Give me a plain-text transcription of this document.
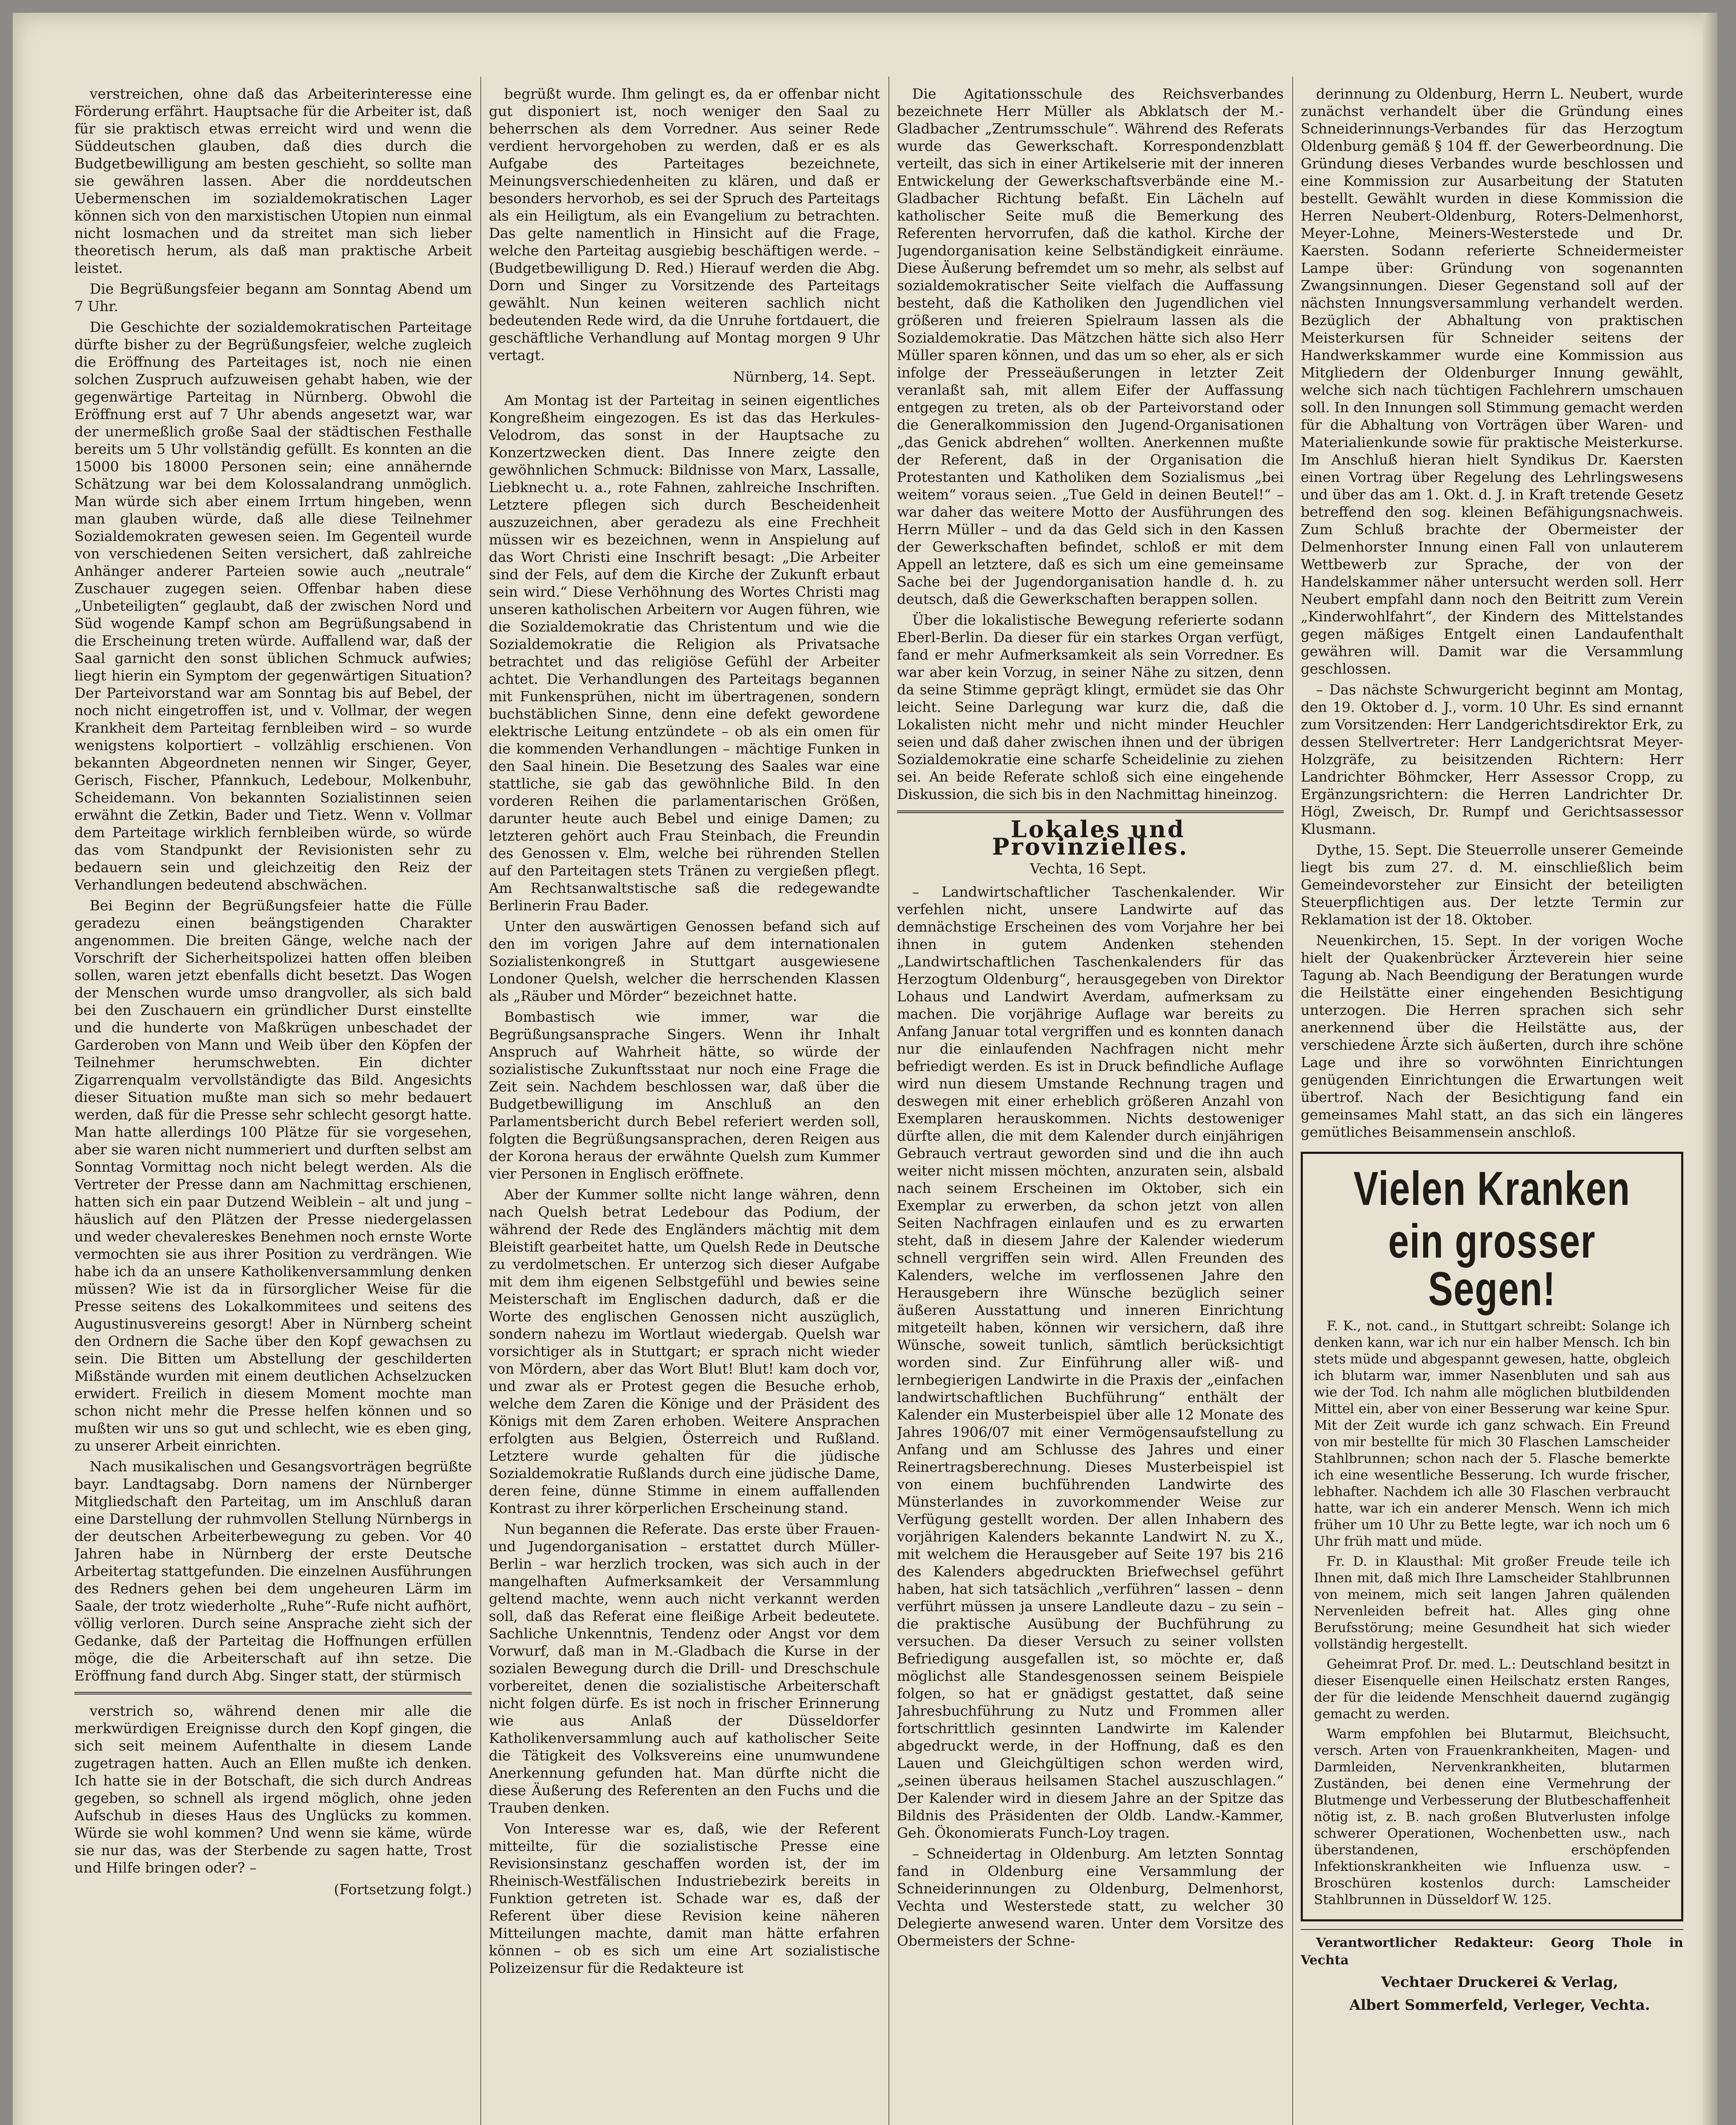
verstreichen, ohne daß das Arbeiterinteresse eine Förderung erfährt. Hauptsache für die Arbeiter ist, daß für sie praktisch etwas erreicht wird und wenn die Süddeutschen glauben, daß dies durch die Budgetbewilligung am besten geschieht, so sollte man sie gewähren lassen. Aber die norddeutschen Uebermenschen im sozialdemokratischen Lager können sich von den marxistischen Utopien nun einmal nicht losmachen und da streitet man sich lieber theoretisch herum, als daß man praktische Arbeit leistet.

Die Begrüßungsfeier begann am Sonntag Abend um 7 Uhr.

Die Geschichte der sozialdemokratischen Parteitage dürfte bisher zu der Begrüßungsfeier, welche zugleich die Eröffnung des Parteitages ist, noch nie einen solchen Zuspruch aufzuweisen gehabt haben, wie der gegenwärtige Parteitag in Nürnberg. Obwohl die Eröffnung erst auf 7 Uhr abends angesetzt war, war der unermeßlich große Saal der städtischen Festhalle bereits um 5 Uhr vollständig gefüllt. Es konnten an die 15000 bis 18000 Personen sein; eine annähernde Schätzung war bei dem Kolossalandrang unmöglich. Man würde sich aber einem Irrtum hingeben, wenn man glauben würde, daß alle diese Teilnehmer Sozialdemokraten gewesen seien. Im Gegenteil wurde von verschiedenen Seiten versichert, daß zahlreiche Anhänger anderer Parteien sowie auch „neutrale“ Zuschauer zugegen seien. Offenbar haben diese „Unbeteiligten“ geglaubt, daß der zwischen Nord und Süd wogende Kampf schon am Begrüßungsabend in die Erscheinung treten würde. Auffallend war, daß der Saal garnicht den sonst üblichen Schmuck aufwies; liegt hierin ein Symptom der gegenwärtigen Situation? Der Parteivorstand war am Sonntag bis auf Bebel, der noch nicht eingetroffen ist, und v. Vollmar, der wegen Krankheit dem Parteitag fernbleiben wird – so wurde wenigstens kolportiert – vollzählig erschienen. Von bekannten Abgeordneten nennen wir Singer, Geyer, Gerisch, Fischer, Pfannkuch, Ledebour, Molkenbuhr, Scheidemann. Von bekannten Sozialistinnen seien erwähnt die Zetkin, Bader und Tietz. Wenn v. Vollmar dem Parteitage wirklich fernbleiben würde, so würde das vom Standpunkt der Revisionisten sehr zu bedauern sein und gleichzeitig den Reiz der Verhandlungen bedeutend abschwächen.

Bei Beginn der Begrüßungsfeier hatte die Fülle geradezu einen beängstigenden Charakter angenommen. Die breiten Gänge, welche nach der Vorschrift der Sicherheitspolizei hatten offen bleiben sollen, waren jetzt ebenfalls dicht besetzt. Das Wogen der Menschen wurde umso drangvoller, als sich bald bei den Zuschauern ein gründlicher Durst einstellte und die hunderte von Maßkrügen unbeschadet der Garderoben von Mann und Weib über den Köpfen der Teilnehmer herumschwebten. Ein dichter Zigarrenqualm vervollständigte das Bild. Angesichts dieser Situation mußte man sich so mehr bedauert werden, daß für die Presse sehr schlecht gesorgt hatte. Man hatte allerdings 100 Plätze für sie vorgesehen, aber sie waren nicht nummeriert und durften selbst am Sonntag Vormittag noch nicht belegt werden. Als die Vertreter der Presse dann am Nachmittag erschienen, hatten sich ein paar Dutzend Weiblein – alt und jung – häuslich auf den Plätzen der Presse niedergelassen und weder chevalereskes Benehmen noch ernste Worte vermochten sie aus ihrer Position zu verdrängen. Wie habe ich da an unsere Katholikenversammlung denken müssen? Wie ist da in fürsorglicher Weise für die Presse seitens des Lokalkommitees und seitens des Augustinusvereins gesorgt! Aber in Nürnberg scheint den Ordnern die Sache über den Kopf gewachsen zu sein. Die Bitten um Abstellung der geschilderten Mißstände wurden mit einem deutlichen Achselzucken erwidert. Freilich in diesem Moment mochte man schon nicht mehr die Presse helfen können und so mußten wir uns so gut und schlecht, wie es eben ging, zu unserer Arbeit einrichten.

Nach musikalischen und Gesangsvorträgen begrüßte bayr. Landtagsabg. Dorn namens der Nürnberger Mitgliedschaft den Parteitag, um im Anschluß daran eine Darstellung der ruhmvollen Stellung Nürnbergs in der deutschen Arbeiterbewegung zu geben. Vor 40 Jahren habe in Nürnberg der erste Deutsche Arbeitertag stattgefunden. Die einzelnen Ausführungen des Redners gehen bei dem ungeheuren Lärm im Saale, der trotz wiederholte „Ruhe“-Rufe nicht aufhört, völlig verloren. Durch seine Ansprache zieht sich der Gedanke, daß der Parteitag die Hoffnungen erfüllen möge, die die Arbeiterschaft auf ihn setze. Die Eröffnung fand durch Abg. Singer statt, der stürmisch

verstrich so, während denen mir alle die merkwürdigen Ereignisse durch den Kopf gingen, die sich seit meinem Aufenthalte in diesem Lande zugetragen hatten. Auch an Ellen mußte ich denken. Ich hatte sie in der Botschaft, die sich durch Andreas gegeben, so schnell als irgend möglich, ohne jeden Aufschub in dieses Haus des Unglücks zu kommen. Würde sie wohl kommen? Und wenn sie käme, würde sie nur das, was der Sterbende zu sagen hatte, Trost und Hilfe bringen oder? –

(Fortsetzung folgt.)

begrüßt wurde. Ihm gelingt es, da er offenbar nicht gut disponiert ist, noch weniger den Saal zu beherrschen als dem Vorredner. Aus seiner Rede verdient hervorgehoben zu werden, daß er es als Aufgabe des Parteitages bezeichnete, Meinungsverschiedenheiten zu klären, und daß er besonders hervorhob, es sei der Spruch des Parteitags als ein Heiligtum, als ein Evangelium zu betrachten. Das gelte namentlich in Hinsicht auf die Frage, welche den Parteitag ausgiebig beschäftigen werde. – (Budgetbewilligung D. Red.) Hierauf werden die Abg. Dorn und Singer zu Vorsitzende des Parteitags gewählt. Nun keinen weiteren sachlich nicht bedeutenden Rede wird, da die Unruhe fortdauert, die geschäftliche Verhandlung auf Montag morgen 9 Uhr vertagt.

Nürnberg, 14. Sept.

Am Montag ist der Parteitag in seinen eigentliches Kongreßheim eingezogen. Es ist das das Herkules-Velodrom, das sonst in der Hauptsache zu Konzertzwecken dient. Das Innere zeigte den gewöhnlichen Schmuck: Bildnisse von Marx, Lassalle, Liebknecht u. a., rote Fahnen, zahlreiche Inschriften. Letztere pflegen sich durch Bescheidenheit auszuzeichnen, aber geradezu als eine Frechheit müssen wir es bezeichnen, wenn in Anspielung auf das Wort Christi eine Inschrift besagt: „Die Arbeiter sind der Fels, auf dem die Kirche der Zukunft erbaut sein wird.“ Diese Verhöhnung des Wortes Christi mag unseren katholischen Arbeitern vor Augen führen, wie die Sozialdemokratie das Christentum und wie die Sozialdemokratie die Religion als Privatsache betrachtet und das religiöse Gefühl der Arbeiter achtet. Die Verhandlungen des Parteitags begannen mit Funkensprühen, nicht im übertragenen, sondern buchstäblichen Sinne, denn eine defekt gewordene elektrische Leitung entzündete – ob als ein omen für die kommenden Verhandlungen – mächtige Funken in den Saal hinein. Die Besetzung des Saales war eine stattliche, sie gab das gewöhnliche Bild. In den vorderen Reihen die parlamentarischen Größen, darunter heute auch Bebel und einige Damen; zu letzteren gehört auch Frau Steinbach, die Freundin des Genossen v. Elm, welche bei rührenden Stellen auf den Parteitagen stets Tränen zu vergießen pflegt. Am Rechtsanwaltstische saß die redegewandte Berlinerin Frau Bader.

Unter den auswärtigen Genossen befand sich auf den im vorigen Jahre auf dem internationalen Sozialistenkongreß in Stuttgart ausgewiesene Londoner Quelsh, welcher die herrschenden Klassen als „Räuber und Mörder“ bezeichnet hatte.

Bombastisch wie immer, war die Begrüßungsansprache Singers. Wenn ihr Inhalt Anspruch auf Wahrheit hätte, so würde der sozialistische Zukunftsstaat nur noch eine Frage die Zeit sein. Nachdem beschlossen war, daß über die Budgetbewilligung im Anschluß an den Parlamentsbericht durch Bebel referiert werden soll, folgten die Begrüßungsansprachen, deren Reigen aus der Korona heraus der erwähnte Quelsh zum Kummer vier Personen in Englisch eröffnete.

Aber der Kummer sollte nicht lange währen, denn nach Quelsh betrat Ledebour das Podium, der während der Rede des Engländers mächtig mit dem Bleistift gearbeitet hatte, um Quelsh Rede in Deutsche zu verdolmetschen. Er unterzog sich dieser Aufgabe mit dem ihm eigenen Selbstgefühl und bewies seine Meisterschaft im Englischen dadurch, daß er die Worte des englischen Genossen nicht auszüglich, sondern nahezu im Wortlaut wiedergab. Quelsh war vorsichtiger als in Stuttgart; er sprach nicht wieder von Mördern, aber das Wort Blut! Blut! kam doch vor, und zwar als er Protest gegen die Besuche erhob, welche dem Zaren die Könige und der Präsident des Königs mit dem Zaren erhoben. Weitere Ansprachen erfolgten aus Belgien, Österreich und Rußland. Letztere wurde gehalten für die jüdische Sozialdemokratie Rußlands durch eine jüdische Dame, deren feine, dünne Stimme in einem auffallenden Kontrast zu ihrer körperlichen Erscheinung stand.

Nun begannen die Referate. Das erste über Frauen- und Jugendorganisation – erstattet durch Müller-Berlin – war herzlich trocken, was sich auch in der mangelhaften Aufmerksamkeit der Versammlung geltend machte, wenn auch nicht verkannt werden soll, daß das Referat eine fleißige Arbeit bedeutete. Sachliche Unkenntnis, Tendenz oder Angst vor dem Vorwurf, daß man in M.-Gladbach die Kurse in der sozialen Bewegung durch die Drill- und Dreschschule vorbereitet, denen die sozialistische Arbeiterschaft nicht folgen dürfe. Es ist noch in frischer Erinnerung wie aus Anlaß der Düsseldorfer Katholikenversammlung auch auf katholischer Seite die Tätigkeit des Volksvereins eine unumwundene Anerkennung gefunden hat. Man dürfte nicht die diese Äußerung des Referenten an den Fuchs und die Trauben denken.

Von Interesse war es, daß, wie der Referent mitteilte, für die sozialistische Presse eine Revisionsinstanz geschaffen worden ist, der im Rheinisch-Westfälischen Industriebezirk bereits in Funktion getreten ist. Schade war es, daß der Referent über diese Revision keine näheren Mitteilungen machte, damit man hätte erfahren können – ob es sich um eine Art sozialistische Polizeizensur für die Redakteure ist

Die Agitationsschule des Reichsverbandes bezeichnete Herr Müller als Abklatsch der M.-Gladbacher „Zentrumsschule“. Während des Referats wurde das Gewerkschaft. Korrespondenzblatt verteilt, das sich in einer Artikelserie mit der inneren Entwickelung der Gewerkschaftsverbände eine M.-Gladbacher Richtung befaßt. Ein Lächeln auf katholischer Seite muß die Bemerkung des Referenten hervorrufen, daß die kathol. Kirche der Jugendorganisation keine Selbständigkeit einräume. Diese Äußerung befremdet um so mehr, als selbst auf sozialdemokratischer Seite vielfach die Auffassung besteht, daß die Katholiken den Jugendlichen viel größeren und freieren Spielraum lassen als die Sozialdemokratie. Das Mätzchen hätte sich also Herr Müller sparen können, und das um so eher, als er sich infolge der Presseäußerungen in letzter Zeit veranlaßt sah, mit allem Eifer der Auffassung entgegen zu treten, als ob der Parteivorstand oder die Generalkommission den Jugend-Organisationen „das Genick abdrehen“ wollten. Anerkennen mußte der Referent, daß in der Organisation die Protestanten und Katholiken dem Sozialismus „bei weitem“ voraus seien. „Tue Geld in deinen Beutel!“ – war daher das weitere Motto der Ausführungen des Herrn Müller – und da das Geld sich in den Kassen der Gewerkschaften befindet, schloß er mit dem Appell an letztere, daß es sich um eine gemeinsame Sache bei der Jugendorganisation handle d. h. zu deutsch, daß die Gewerkschaften berappen sollen.

Über die lokalistische Bewegung referierte sodann Eberl-Berlin. Da dieser für ein starkes Organ verfügt, fand er mehr Aufmerksamkeit als sein Vorredner. Es war aber kein Vorzug, in seiner Nähe zu sitzen, denn da seine Stimme geprägt klingt, ermüdet sie das Ohr leicht. Seine Darlegung war kurz die, daß die Lokalisten nicht mehr und nicht minder Heuchler seien und daß daher zwischen ihnen und der übrigen Sozialdemokratie eine scharfe Scheidelinie zu ziehen sei. An beide Referate schloß sich eine eingehende Diskussion, die sich bis in den Nachmittag hineinzog.

Lokales und Provinzielles.

Vechta, 16 Sept.

– Landwirtschaftlicher Taschenkalender. Wir verfehlen nicht, unsere Landwirte auf das demnächstige Erscheinen des vom Vorjahre her bei ihnen in gutem Andenken stehenden „Landwirtschaftlichen Taschenkalenders für das Herzogtum Oldenburg“, herausgegeben von Direktor Lohaus und Landwirt Averdam, aufmerksam zu machen. Die vorjährige Auflage war bereits zu Anfang Januar total vergriffen und es konnten danach nur die einlaufenden Nachfragen nicht mehr befriedigt werden. Es ist in Druck befindliche Auflage wird nun diesem Umstande Rechnung tragen und deswegen mit einer erheblich größeren Anzahl von Exemplaren herauskommen. Nichts destoweniger dürfte allen, die mit dem Kalender durch einjährigen Gebrauch vertraut geworden sind und die ihn auch weiter nicht missen möchten, anzuraten sein, alsbald nach seinem Erscheinen im Oktober, sich ein Exemplar zu erwerben, da schon jetzt von allen Seiten Nachfragen einlaufen und es zu erwarten steht, daß in diesem Jahre der Kalender wiederum schnell vergriffen sein wird. Allen Freunden des Kalenders, welche im verflossenen Jahre den Herausgebern ihre Wünsche bezüglich seiner äußeren Ausstattung und inneren Einrichtung mitgeteilt haben, können wir versichern, daß ihre Wünsche, soweit tunlich, sämtlich berücksichtigt worden sind. Zur Einführung aller wiß- und lernbegierigen Landwirte in die Praxis der „einfachen landwirtschaftlichen Buchführung“ enthält der Kalender ein Musterbeispiel über alle 12 Monate des Jahres 1906/07 mit einer Vermögensaufstellung zu Anfang und am Schlusse des Jahres und einer Reinertragsberechnung. Dieses Musterbeispiel ist von einem buchführenden Landwirte des Münsterlandes in zuvorkommender Weise zur Verfügung gestellt worden. Der allen Inhabern des vorjährigen Kalenders bekannte Landwirt N. zu X., mit welchem die Herausgeber auf Seite 197 bis 216 des Kalenders abgedruckten Briefwechsel geführt haben, hat sich tatsächlich „verführen“ lassen – denn verführt müssen ja unsere Landleute dazu – zu sein – die praktische Ausübung der Buchführung zu versuchen. Da dieser Versuch zu seiner vollsten Befriedigung ausgefallen ist, so möchte er, daß möglichst alle Standesgenossen seinem Beispiele folgen, so hat er gnädigst gestattet, daß seine Jahresbuchführung zu Nutz und Frommen aller fortschrittlich gesinnten Landwirte im Kalender abgedruckt werde, in der Hoffnung, daß es den Lauen und Gleichgültigen schon werden wird, „seinen überaus heilsamen Stachel auszuschlagen.“ Der Kalender wird in diesem Jahre an der Spitze das Bildnis des Präsidenten der Oldb. Landw.-Kammer, Geh. Ökonomierats Funch-Loy tragen.

– Schneidertag in Oldenburg. Am letzten Sonntag fand in Oldenburg eine Versammlung der Schneiderinnungen zu Oldenburg, Delmenhorst, Vechta und Westerstede statt, zu welcher 30 Delegierte anwesend waren. Unter dem Vorsitze des Obermeisters der Schne-

derinnung zu Oldenburg, Herrn L. Neubert, wurde zunächst verhandelt über die Gründung eines Schneiderinnungs-Verbandes für das Herzogtum Oldenburg gemäß § 104 ff. der Gewerbeordnung. Die Gründung dieses Verbandes wurde beschlossen und eine Kommission zur Ausarbeitung der Statuten bestellt. Gewählt wurden in diese Kommission die Herren Neubert-Oldenburg, Roters-Delmenhorst, Meyer-Lohne, Meiners-Westerstede und Dr. Kaersten. Sodann referierte Schneidermeister Lampe über: Gründung von sogenannten Zwangsinnungen. Dieser Gegenstand soll auf der nächsten Innungsversammlung verhandelt werden. Bezüglich der Abhaltung von praktischen Meisterkursen für Schneider seitens der Handwerkskammer wurde eine Kommission aus Mitgliedern der Oldenburger Innung gewählt, welche sich nach tüchtigen Fachlehrern umschauen soll. In den Innungen soll Stimmung gemacht werden für die Abhaltung von Vorträgen über Waren- und Materialienkunde sowie für praktische Meisterkurse. Im Anschluß hieran hielt Syndikus Dr. Kaersten einen Vortrag über Regelung des Lehrlingswesens und über das am 1. Okt. d. J. in Kraft tretende Gesetz betreffend den sog. kleinen Befähigungsnachweis. Zum Schluß brachte der Obermeister der Delmenhorster Innung einen Fall von unlauterem Wettbewerb zur Sprache, der von der Handelskammer näher untersucht werden soll. Herr Neubert empfahl dann noch den Beitritt zum Verein „Kinderwohlfahrt“, der Kindern des Mittelstandes gegen mäßiges Entgelt einen Landaufenthalt gewähren will. Damit war die Versammlung geschlossen.

– Das nächste Schwurgericht beginnt am Montag, den 19. Oktober d. J., vorm. 10 Uhr. Es sind ernannt zum Vorsitzenden: Herr Landgerichtsdirektor Erk, zu dessen Stellvertreter: Herr Landgerichtsrat Meyer-Holzgräfe, zu beisitzenden Richtern: Herr Landrichter Böhmcker, Herr Assessor Cropp, zu Ergänzungsrichtern: die Herren Landrichter Dr. Högl, Zweisch, Dr. Rumpf und Gerichtsassessor Klusmann.

Dythe, 15. Sept. Die Steuerrolle unserer Gemeinde liegt bis zum 27. d. M. einschließlich beim Gemeindevorsteher zur Einsicht der beteiligten Steuerpflichtigen aus. Der letzte Termin zur Reklamation ist der 18. Oktober.

Neuenkirchen, 15. Sept. In der vorigen Woche hielt der Quakenbrücker Ärzteverein hier seine Tagung ab. Nach Beendigung der Beratungen wurde die Heilstätte einer eingehenden Besichtigung unterzogen. Die Herren sprachen sich sehr anerkennend über die Heilstätte aus, der verschiedene Ärzte sich äußerten, durch ihre schöne Lage und ihre so vorwöhnten Einrichtungen genügenden Einrichtungen die Erwartungen weit übertrof. Nach der Besichtigung fand ein gemeinsames Mahl statt, an das sich ein längeres gemütliches Beisammensein anschloß.

Vielen Kranken
ein grosser Segen!

F. K., not. cand., in Stuttgart schreibt: Solange ich denken kann, war ich nur ein halber Mensch. Ich bin stets müde und abgespannt gewesen, hatte, obgleich ich blutarm war, immer Nasenbluten und sah aus wie der Tod. Ich nahm alle möglichen blutbildenden Mittel ein, aber von einer Besserung war keine Spur. Mit der Zeit wurde ich ganz schwach. Ein Freund von mir bestellte für mich 30 Flaschen Lamscheider Stahlbrunnen; schon nach der 5. Flasche bemerkte ich eine wesentliche Besserung. Ich wurde frischer, lebhafter. Nachdem ich alle 30 Flaschen verbraucht hatte, war ich ein anderer Mensch. Wenn ich mich früher um 10 Uhr zu Bette legte, war ich noch um 6 Uhr früh matt und müde.

Fr. D. in Klausthal: Mit großer Freude teile ich Ihnen mit, daß mich Ihre Lamscheider Stahlbrunnen von meinem, mich seit langen Jahren quälenden Nervenleiden befreit hat. Alles ging ohne Berufsstörung; meine Gesundheit hat sich wieder vollständig hergestellt.

Geheimrat Prof. Dr. med. L.: Deutschland besitzt in dieser Eisenquelle einen Heilschatz ersten Ranges, der für die leidende Menschheit dauernd zugängig gemacht zu werden.

Warm empfohlen bei Blutarmut, Bleichsucht, versch. Arten von Frauenkrankheiten, Magen- und Darmleiden, Nervenkrankheiten, blutarmen Zuständen, bei denen eine Vermehrung der Blutmenge und Verbesserung der Blutbeschaffenheit nötig ist, z. B. nach großen Blutverlusten infolge schwerer Operationen, Wochenbetten usw., nach überstandenen, erschöpfenden Infektionskrankheiten wie Influenza usw. – Broschüren kostenlos durch: Lamscheider Stahlbrunnen in Düsseldorf W. 125.

Verantwortlicher Redakteur: Georg Thole in Vechta

Vechtaer Druckerei & Verlag,

Albert Sommerfeld, Verleger, Vechta.
